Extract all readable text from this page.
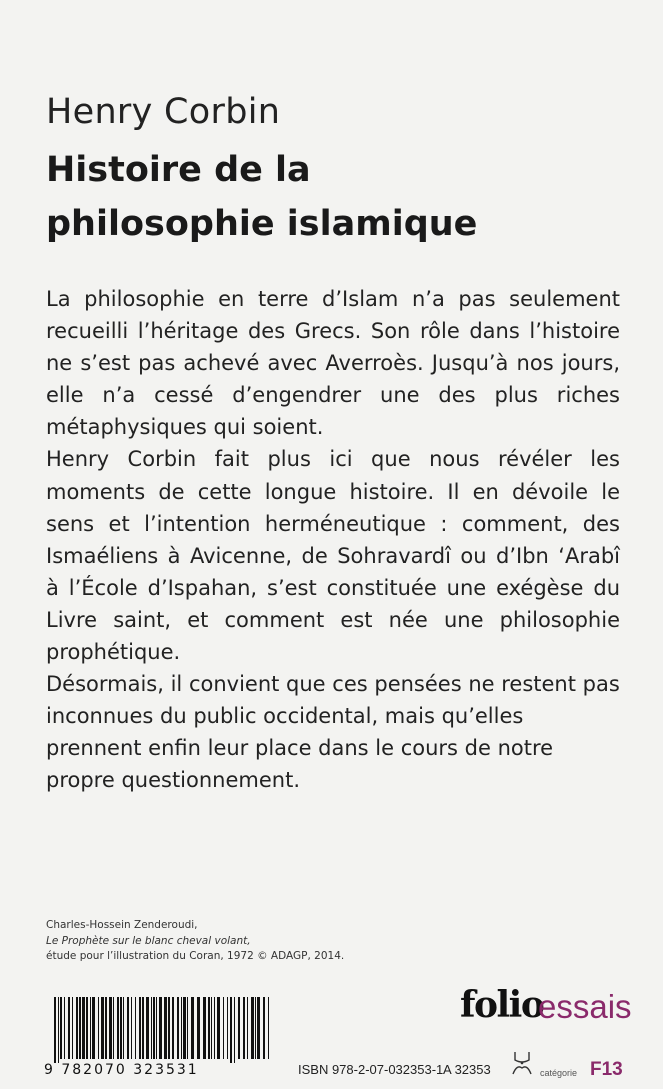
Henry Corbin
Histoire de la
philosophie islamique

La philosophie en terre d’Islam n’a pas seulement recueilli l’héritage des Grecs. Son rôle dans l’histoire ne s’est pas achevé avec Averroès. Jusqu’à nos jours, elle n’a cessé d’engendrer une des plus riches métaphysiques qui soient.

Henry Corbin fait plus ici que nous révéler les moments de cette longue histoire. Il en dévoile le sens et l’intention herméneutique : comment, des Ismaéliens à Avicenne, de Sohravardî ou d’Ibn ‘Arabî à l’École d’Ispahan, s’est constituée une exégèse du Livre saint, et comment est née une philosophie prophétique.

Désormais, il convient que ces pensées ne restent pas inconnues du public occidental, mais qu’elles prennent enfin leur place dans le cours de notre propre questionnement.

Charles-Hossein Zenderoudi,
Le Prophète sur le blanc cheval volant,
étude pour l’illustration du Coran, 1972 © ADAGP, 2014.
9 782070 323531	ISBN 978-2-07-032353-1 A 32353
folio
essais
catégorie F13
